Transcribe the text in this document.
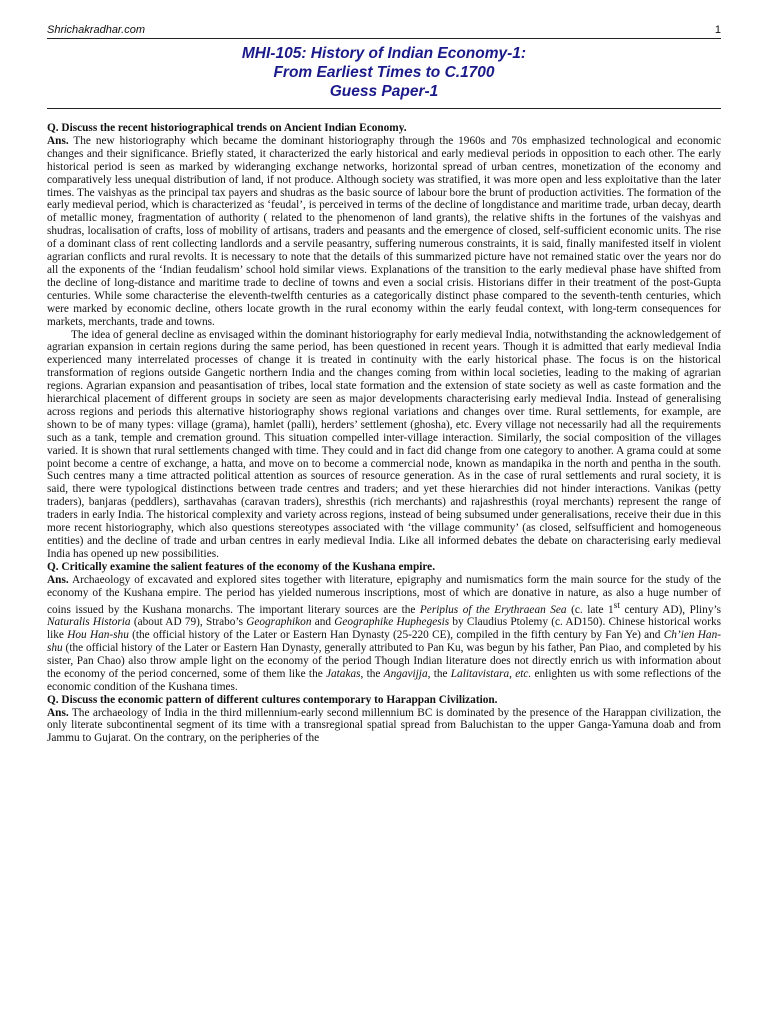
Shrichakradhar.com	1
MHI-105: History of Indian Economy-1:
From Earliest Times to C.1700
Guess Paper-1

Q. Discuss the recent historiographical trends on Ancient Indian Economy.

Ans. The new historiography which became the dominant historiography through the 1960s and 70s emphasized technological and economic changes and their significance. Briefly stated, it characterized the early historical and early medieval periods in opposition to each other. The early historical period is seen as marked by wideranging exchange networks, horizontal spread of urban centres, monetization of the economy and comparatively less unequal distribution of land, if not produce. Although society was stratified, it was more open and less exploitative than the later times. The vaishyas as the principal tax payers and shudras as the basic source of labour bore the brunt of production activities. The formation of the early medieval period, which is characterized as ‘feudal’, is perceived in terms of the decline of longdistance and maritime trade, urban decay, dearth of metallic money, fragmentation of authority ( related to the phenomenon of land grants), the relative shifts in the fortunes of the vaishyas and shudras, localisation of crafts, loss of mobility of artisans, traders and peasants and the emergence of closed, self-sufficient economic units. The rise of a dominant class of rent collecting landlords and a servile peasantry, suffering numerous constraints, it is said, finally manifested itself in violent agrarian conflicts and rural revolts. It is necessary to note that the details of this summarized picture have not remained static over the years nor do all the exponents of the ‘Indian feudalism’ school hold similar views. Explanations of the transition to the early medieval phase have shifted from the decline of long-distance and maritime trade to decline of towns and even a social crisis. Historians differ in their treatment of the post-Gupta centuries. While some characterise the eleventh-twelfth centuries as a categorically distinct phase compared to the seventh-tenth centuries, which were marked by economic decline, others locate growth in the rural economy within the early feudal context, with long-term consequences for markets, merchants, trade and towns.

The idea of general decline as envisaged within the dominant historiography for early medieval India, notwithstanding the acknowledgement of agrarian expansion in certain regions during the same period, has been questioned in recent years. Though it is admitted that early medieval India experienced many interrelated processes of change it is treated in continuity with the early historical phase. The focus is on the historical transformation of regions outside Gangetic northern India and the changes coming from within local societies, leading to the making of agrarian regions. Agrarian expansion and peasantisation of tribes, local state formation and the extension of state society as well as caste formation and the hierarchical placement of different groups in society are seen as major developments characterising early medieval India. Instead of generalising across regions and periods this alternative historiography shows regional variations and changes over time. Rural settlements, for example, are shown to be of many types: village (grama), hamlet (palli), herders’ settlement (ghosha), etc. Every village not necessarily had all the requirements such as a tank, temple and cremation ground. This situation compelled inter-village interaction. Similarly, the social composition of the villages varied. It is shown that rural settlements changed with time. They could and in fact did change from one category to another. A grama could at some point become a centre of exchange, a hatta, and move on to become a commercial node, known as mandapika in the north and pentha in the south. Such centres many a time attracted political attention as sources of resource generation. As in the case of rural settlements and rural society, it is said, there were typological distinctions between trade centres and traders; and yet these hierarchies did not hinder interactions. Vanikas (petty traders), banjaras (peddlers), sarthavahas (caravan traders), shresthis (rich merchants) and rajashresthis (royal merchants) represent the range of traders in early India. The historical complexity and variety across regions, instead of being subsumed under generalisations, receive their due in this more recent historiography, which also questions stereotypes associated with ‘the village community’ (as closed, selfsufficient and homogeneous entities) and the decline of trade and urban centres in early medieval India. Like all informed debates the debate on characterising early medieval India has opened up new possibilities.

Q. Critically examine the salient features of the economy of the Kushana empire.

Ans. Archaeology of excavated and explored sites together with literature, epigraphy and numismatics form the main source for the study of the economy of the Kushana empire. The period has yielded numerous inscriptions, most of which are donative in nature, as also a huge number of coins issued by the Kushana monarchs. The important literary sources are the Periplus of the Erythraean Sea (c. late 1st century AD), Pliny’s Naturalis Historia (about AD 79), Strabo’s Geographikon and Geographike Huphegesis by Claudius Ptolemy (c. AD150). Chinese historical works like Hou Han-shu (the official history of the Later or Eastern Han Dynasty (25-220 CE), compiled in the fifth century by Fan Ye) and Ch’ien Han-shu (the official history of the Later or Eastern Han Dynasty, generally attributed to Pan Ku, was begun by his father, Pan Piao, and completed by his sister, Pan Chao) also throw ample light on the economy of the period Though Indian literature does not directly enrich us with information about the economy of the period concerned, some of them like the Jatakas, the Angavijja, the Lalitavistara, etc. enlighten us with some reflections of the economic condition of the Kushana times.

Q. Discuss the economic pattern of different cultures contemporary to Harappan Civilization.

Ans. The archaeology of India in the third millennium-early second millennium BC is dominated by the presence of the Harappan civilization, the only literate subcontinental segment of its time with a transregional spatial spread from Baluchistan to the upper Ganga-Yamuna doab and from Jammu to Gujarat. On the contrary, on the peripheries of the
